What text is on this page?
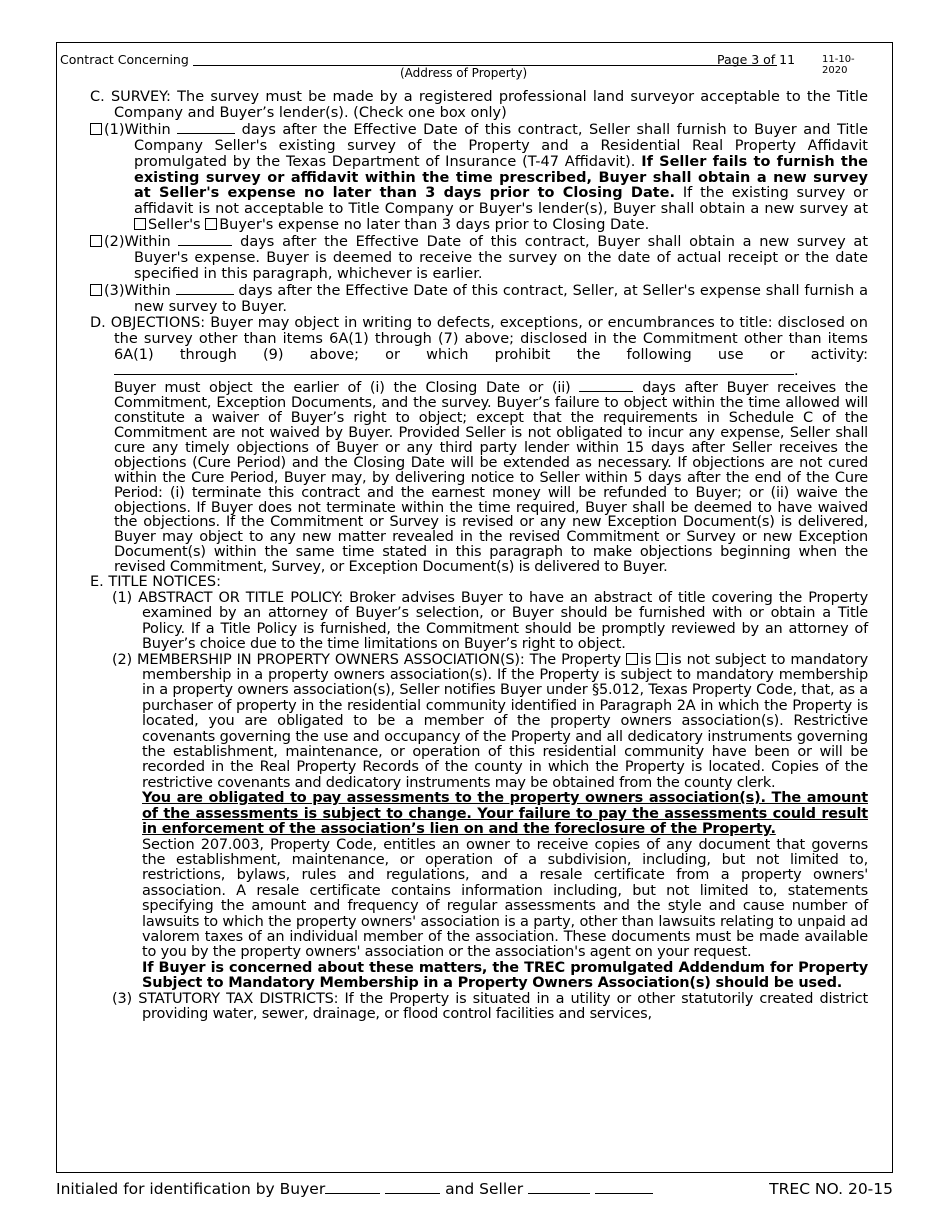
Contract Concerning	Page 3 of 11	11-10-2020
(Address of Property)

C. SURVEY: The survey must be made by a registered professional land surveyor acceptable to the Title Company and Buyer’s lender(s). (Check one box only)

(1)Within	days after the Effective Date of this contract, Seller shall furnish to Buyer and Title Company Seller's existing survey of the Property and a Residential Real Property Affidavit promulgated by the Texas Department of Insurance (T-47 Affidavit). If Seller fails to furnish the existing survey or affidavit within the time prescribed, Buyer shall obtain a new survey at Seller's expense no later than 3 days prior to Closing Date. If the existing survey or affidavit is not acceptable to Title Company or Buyer's lender(s), Buyer shall obtain a new survey at Seller's Buyer's expense no later than 3 days prior to Closing Date.

(2)Within	days after the Effective Date of this contract, Buyer shall obtain a new survey at Buyer's expense. Buyer is deemed to receive the survey on the date of actual receipt or the date specified in this paragraph, whichever is earlier.

(3)Within	days after the Effective Date of this contract, Seller, at Seller's expense shall furnish a new survey to Buyer.

D. OBJECTIONS: Buyer may object in writing to defects, exceptions, or encumbrances to title: disclosed on the survey other than items 6A(1) through (7) above; disclosed in the Commitment other than items 6A(1) through (9) above; or which prohibit the following use or activity: .

Buyer must object the earlier of (i) the Closing Date or (ii)	days after Buyer receives the Commitment, Exception Documents, and the survey. Buyer’s failure to object within the time allowed will constitute a waiver of Buyer’s right to object; except that the requirements in Schedule C of the Commitment are not waived by Buyer. Provided Seller is not obligated to incur any expense, Seller shall cure any timely objections of Buyer or any third party lender within 15 days after Seller receives the objections (Cure Period) and the Closing Date will be extended as necessary. If objections are not cured within the Cure Period, Buyer may, by delivering notice to Seller within 5 days after the end of the Cure Period: (i) terminate this contract and the earnest money will be refunded to Buyer; or (ii) waive the objections. If Buyer does not terminate within the time required, Buyer shall be deemed to have waived the objections. If the Commitment or Survey is revised or any new Exception Document(s) is delivered, Buyer may object to any new matter revealed in the revised Commitment or Survey or new Exception Document(s) within the same time stated in this paragraph to make objections beginning when the revised Commitment, Survey, or Exception Document(s) is delivered to Buyer.

E. TITLE NOTICES:

(1) ABSTRACT OR TITLE POLICY: Broker advises Buyer to have an abstract of title covering the Property examined by an attorney of Buyer’s selection, or Buyer should be furnished with or obtain a Title Policy. If a Title Policy is furnished, the Commitment should be promptly reviewed by an attorney of Buyer’s choice due to the time limitations on Buyer’s right to object.

(2) MEMBERSHIP IN PROPERTY OWNERS ASSOCIATION(S): The Property is is not subject to mandatory membership in a property owners association(s). If the Property is subject to mandatory membership in a property owners association(s), Seller notifies Buyer under §5.012, Texas Property Code, that, as a purchaser of property in the residential community identified in Paragraph 2A in which the Property is located, you are obligated to be a member of the property owners association(s). Restrictive covenants governing the use and occupancy of the Property and all dedicatory instruments governing the establishment, maintenance, or operation of this residential community have been or will be recorded in the Real Property Records of the county in which the Property is located. Copies of the restrictive covenants and dedicatory instruments may be obtained from the county clerk.

You are obligated to pay assessments to the property owners association(s). The amount of the assessments is subject to change. Your failure to pay the assessments could result in enforcement of the association’s lien on and the foreclosure of the Property.

Section 207.003, Property Code, entitles an owner to receive copies of any document that governs the establishment, maintenance, or operation of a subdivision, including, but not limited to, restrictions, bylaws, rules and regulations, and a resale certificate from a property owners' association. A resale certificate contains information including, but not limited to, statements specifying the amount and frequency of regular assessments and the style and cause number of lawsuits to which the property owners' association is a party, other than lawsuits relating to unpaid ad valorem taxes of an individual member of the association. These documents must be made available to you by the property owners' association or the association's agent on your request.

If Buyer is concerned about these matters, the TREC promulgated Addendum for Property Subject to Mandatory Membership in a Property Owners Association(s) should be used.

(3) STATUTORY TAX DISTRICTS: If the Property is situated in a utility or other statutorily created district providing water, sewer, drainage, or flood control facilities and services,

Initialed for identification by Buyer	and Seller	TREC NO. 20-15
